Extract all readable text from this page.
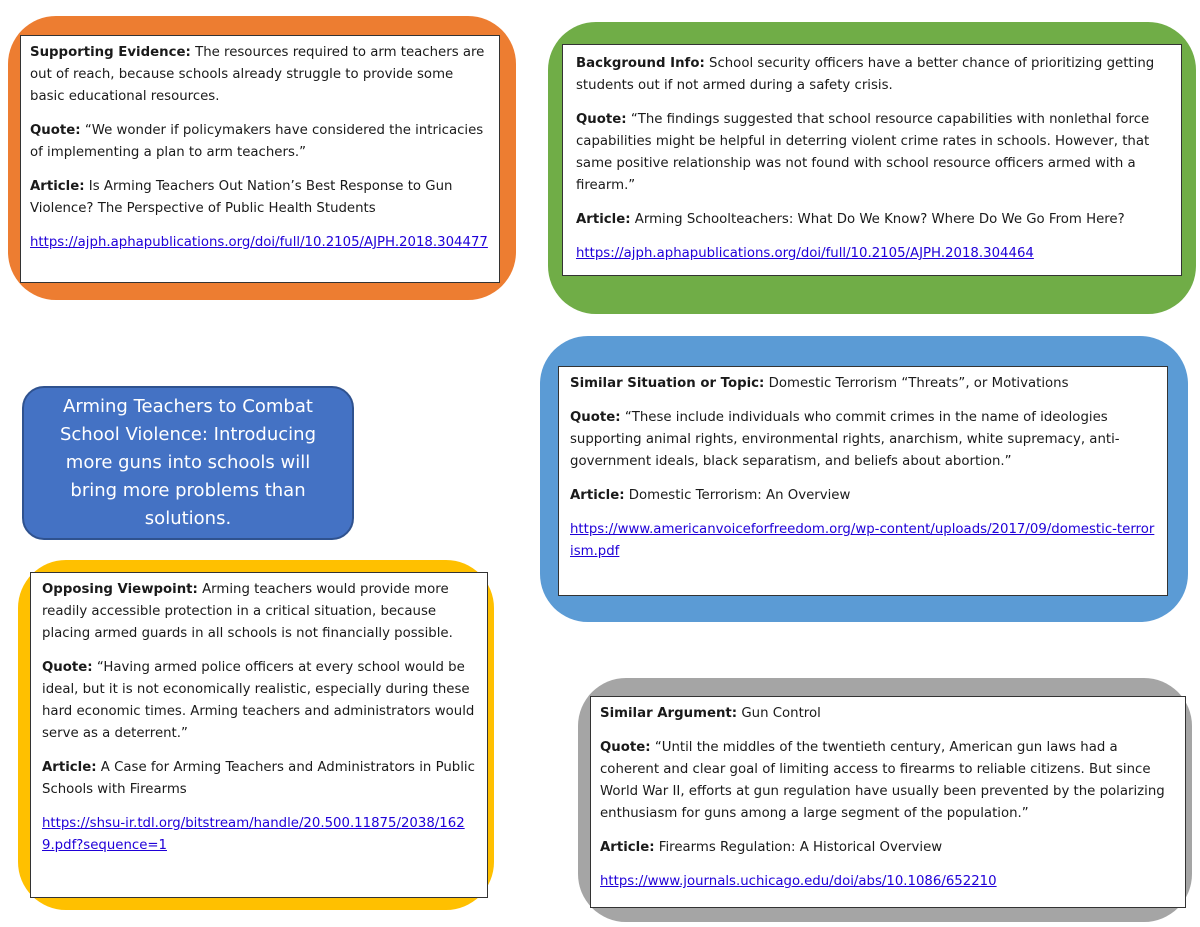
Supporting Evidence: The resources required to arm teachers are out of reach, because schools already struggle to provide some basic educational resources.

Quote: “We wonder if policymakers have considered the intricacies of implementing a plan to arm teachers.”

Article: Is Arming Teachers Out Nation’s Best Response to Gun Violence? The Perspective of Public Health Students

https://ajph.aphapublications.org/doi/full/10.2105/AJPH.2018.304477

Background Info: School security officers have a better chance of prioritizing getting students out if not armed during a safety crisis.

Quote: “The findings suggested that school resource capabilities with nonlethal force capabilities might be helpful in deterring violent crime rates in schools. However, that same positive relationship was not found with school resource officers armed with a firearm.”

Article: Arming Schoolteachers: What Do We Know? Where Do We Go From Here?

https://ajph.aphapublications.org/doi/full/10.2105/AJPH.2018.304464

Arming Teachers to Combat School Violence: Introducing more guns into schools will bring more problems than solutions.

Similar Situation or Topic: Domestic Terrorism “Threats”, or Motivations

Quote: “These include individuals who commit crimes in the name of ideologies supporting animal rights, environmental rights, anarchism, white supremacy, anti-government ideals, black separatism, and beliefs about abortion.”

Article: Domestic Terrorism: An Overview

https://www.americanvoiceforfreedom.org/wp-content/uploads/2017/09/domestic-terrorism.pdf

Opposing Viewpoint: Arming teachers would provide more readily accessible protection in a critical situation, because placing armed guards in all schools is not financially possible.

Quote: “Having armed police officers at every school would be ideal, but it is not economically realistic, especially during these hard economic times. Arming teachers and administrators would serve as a deterrent.”

Article: A Case for Arming Teachers and Administrators in Public Schools with Firearms

https://shsu-ir.tdl.org/bitstream/handle/20.500.11875/2038/1629.pdf?sequence=1

Similar Argument: Gun Control

Quote: “Until the middles of the twentieth century, American gun laws had a coherent and clear goal of limiting access to firearms to reliable citizens. But since World War II, efforts at gun regulation have usually been prevented by the polarizing enthusiasm for guns among a large segment of the population.”

Article: Firearms Regulation: A Historical Overview

https://www.journals.uchicago.edu/doi/abs/10.1086/652210
